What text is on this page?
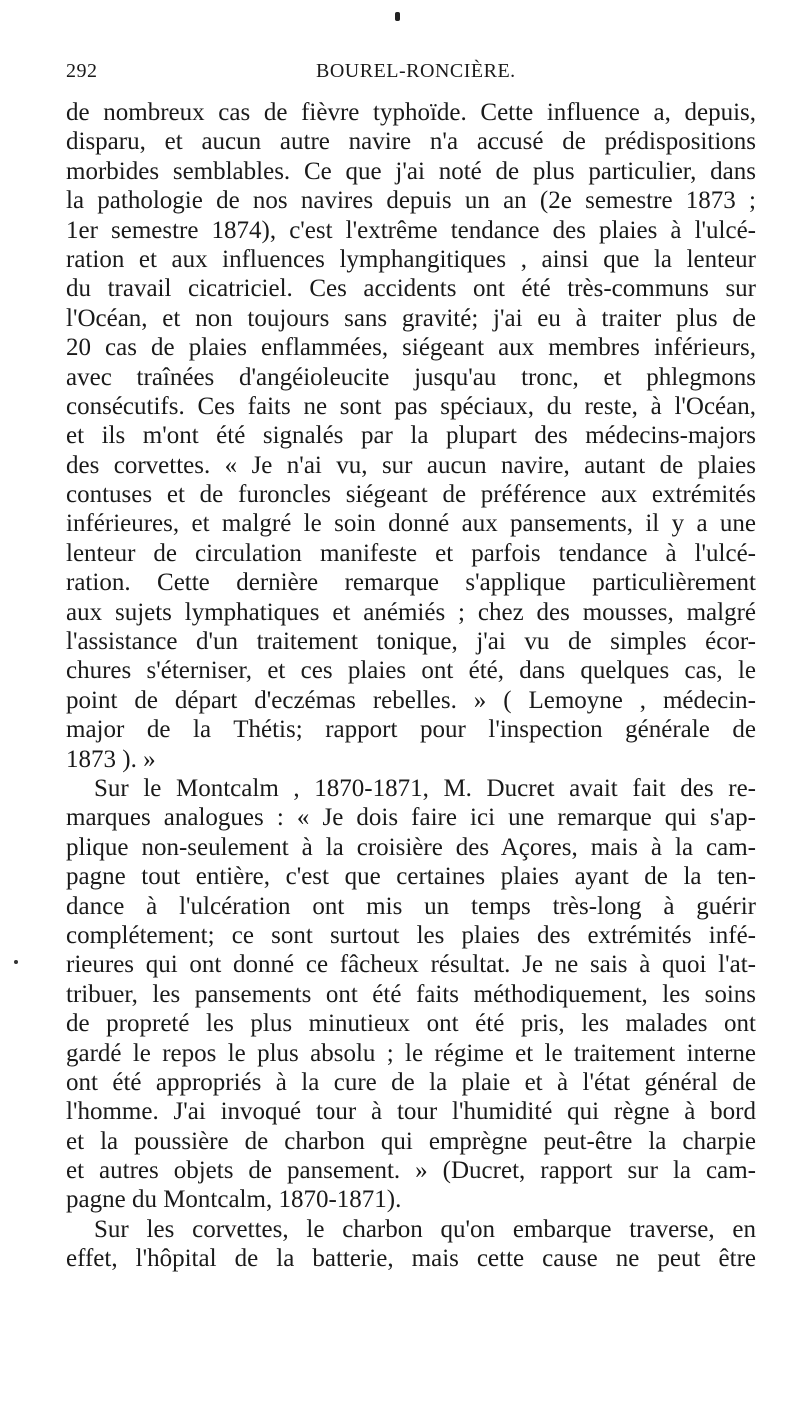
292	BOUREL-RONCIÈRE.
de nombreux cas de fièvre typhoïde. Cette influence a, depuis,
disparu, et aucun autre navire n'a accusé de prédispositions
morbides semblables. Ce que j'ai noté de plus particulier, dans
la pathologie de nos navires depuis un an (2e semestre 1873 ;
1er semestre 1874), c'est l'extrême tendance des plaies à l'ulcé-
ration et aux influences lymphangitiques , ainsi que la lenteur
du travail cicatriciel. Ces accidents ont été très-communs sur
l'Océan, et non toujours sans gravité; j'ai eu à traiter plus de
20 cas de plaies enflammées, siégeant aux membres inférieurs,
avec traînées d'angéioleucite jusqu'au tronc, et phlegmons
consécutifs. Ces faits ne sont pas spéciaux, du reste, à l'Océan,
et ils m'ont été signalés par la plupart des médecins-majors
des corvettes. « Je n'ai vu, sur aucun navire, autant de plaies
contuses et de furoncles siégeant de préférence aux extrémités
inférieures, et malgré le soin donné aux pansements, il y a une
lenteur de circulation manifeste et parfois tendance à l'ulcé-
ration. Cette dernière remarque s'applique particulièrement
aux sujets lymphatiques et anémiés ; chez des mousses, malgré
l'assistance d'un traitement tonique, j'ai vu de simples écor-
chures s'éterniser, et ces plaies ont été, dans quelques cas, le
point de départ d'eczémas rebelles. » ( Lemoyne , médecin-
major de la Thétis; rapport pour l'inspection générale de
1873 ). »
Sur le Montcalm , 1870-1871, M. Ducret avait fait des re-
marques analogues : « Je dois faire ici une remarque qui s'ap-
plique non-seulement à la croisière des Açores, mais à la cam-
pagne tout entière, c'est que certaines plaies ayant de la ten-
dance à l'ulcération ont mis un temps très-long à guérir
complétement; ce sont surtout les plaies des extrémités infé-
rieures qui ont donné ce fâcheux résultat. Je ne sais à quoi l'at-
tribuer, les pansements ont été faits méthodiquement, les soins
de propreté les plus minutieux ont été pris, les malades ont
gardé le repos le plus absolu ; le régime et le traitement interne
ont été appropriés à la cure de la plaie et à l'état général de
l'homme. J'ai invoqué tour à tour l'humidité qui règne à bord
et la poussière de charbon qui emprègne peut-être la charpie
et autres objets de pansement. » (Ducret, rapport sur la cam-
pagne du Montcalm, 1870-1871).
Sur les corvettes, le charbon qu'on embarque traverse, en
effet, l'hôpital de la batterie, mais cette cause ne peut être
